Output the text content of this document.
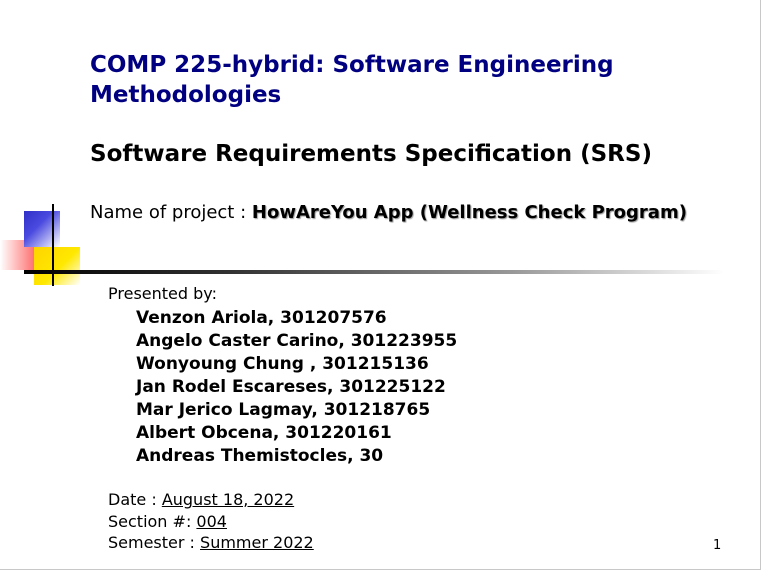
COMP 225-hybrid: Software Engineering Methodologies
Software Requirements Specification (SRS)
Name of project : HowAreYou App (Wellness Check Program)
Presented by:
Venzon Ariola, 301207576
Angelo Caster Carino, 301223955
Wonyoung Chung , 301215136
Jan Rodel Escareses, 301225122
Mar Jerico Lagmay, 301218765
Albert Obcena, 301220161
Andreas Themistocles, 30
Date : August 18, 2022
Section #: 004
Semester : Summer 2022	1
